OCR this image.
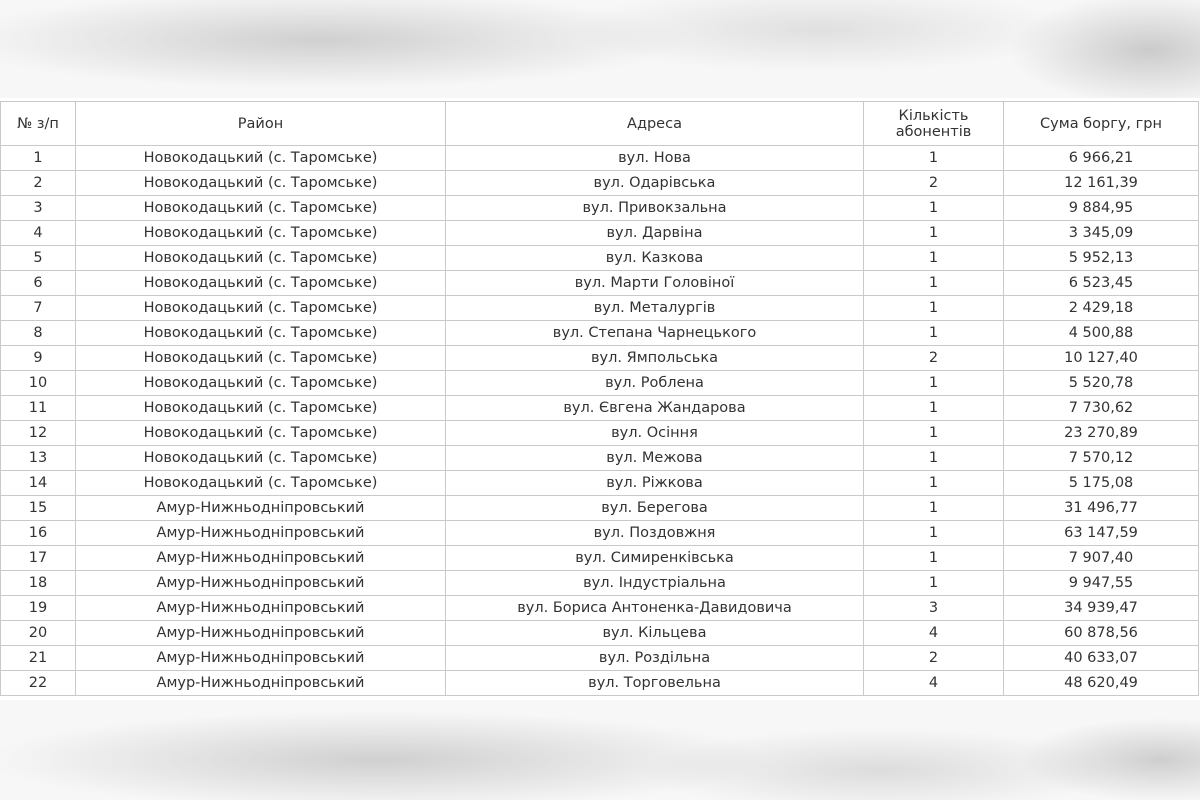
№ з/п	Район	Адреса	Кількість абонентів	Сума боргу, грн
1	Новокодацький (с. Таромське)	вул. Нова	1	6 966,21
2	Новокодацький (с. Таромське)	вул. Одарівська	2	12 161,39
3	Новокодацький (с. Таромське)	вул. Привокзальна	1	9 884,95
4	Новокодацький (с. Таромське)	вул. Дарвіна	1	3 345,09
5	Новокодацький (с. Таромське)	вул. Казкова	1	5 952,13
6	Новокодацький (с. Таромське)	вул. Марти Головіної	1	6 523,45
7	Новокодацький (с. Таромське)	вул. Металургів	1	2 429,18
8	Новокодацький (с. Таромське)	вул. Степана Чарнецького	1	4 500,88
9	Новокодацький (с. Таромське)	вул. Ямпольська	2	10 127,40
10	Новокодацький (с. Таромське)	вул. Роблена	1	5 520,78
11	Новокодацький (с. Таромське)	вул. Євгена Жандарова	1	7 730,62
12	Новокодацький (с. Таромське)	вул. Осіння	1	23 270,89
13	Новокодацький (с. Таромське)	вул. Межова	1	7 570,12
14	Новокодацький (с. Таромське)	вул. Ріжкова	1	5 175,08
15	Амур-Нижньодніпровський	вул. Берегова	1	31 496,77
16	Амур-Нижньодніпровський	вул. Поздовжня	1	63 147,59
17	Амур-Нижньодніпровський	вул. Симиренківська	1	7 907,40
18	Амур-Нижньодніпровський	вул. Індустріальна	1	9 947,55
19	Амур-Нижньодніпровський	вул. Бориса Антоненка-Давидовича	3	34 939,47
20	Амур-Нижньодніпровський	вул. Кільцева	4	60 878,56
21	Амур-Нижньодніпровський	вул. Роздільна	2	40 633,07
22	Амур-Нижньодніпровський	вул. Торговельна	4	48 620,49
